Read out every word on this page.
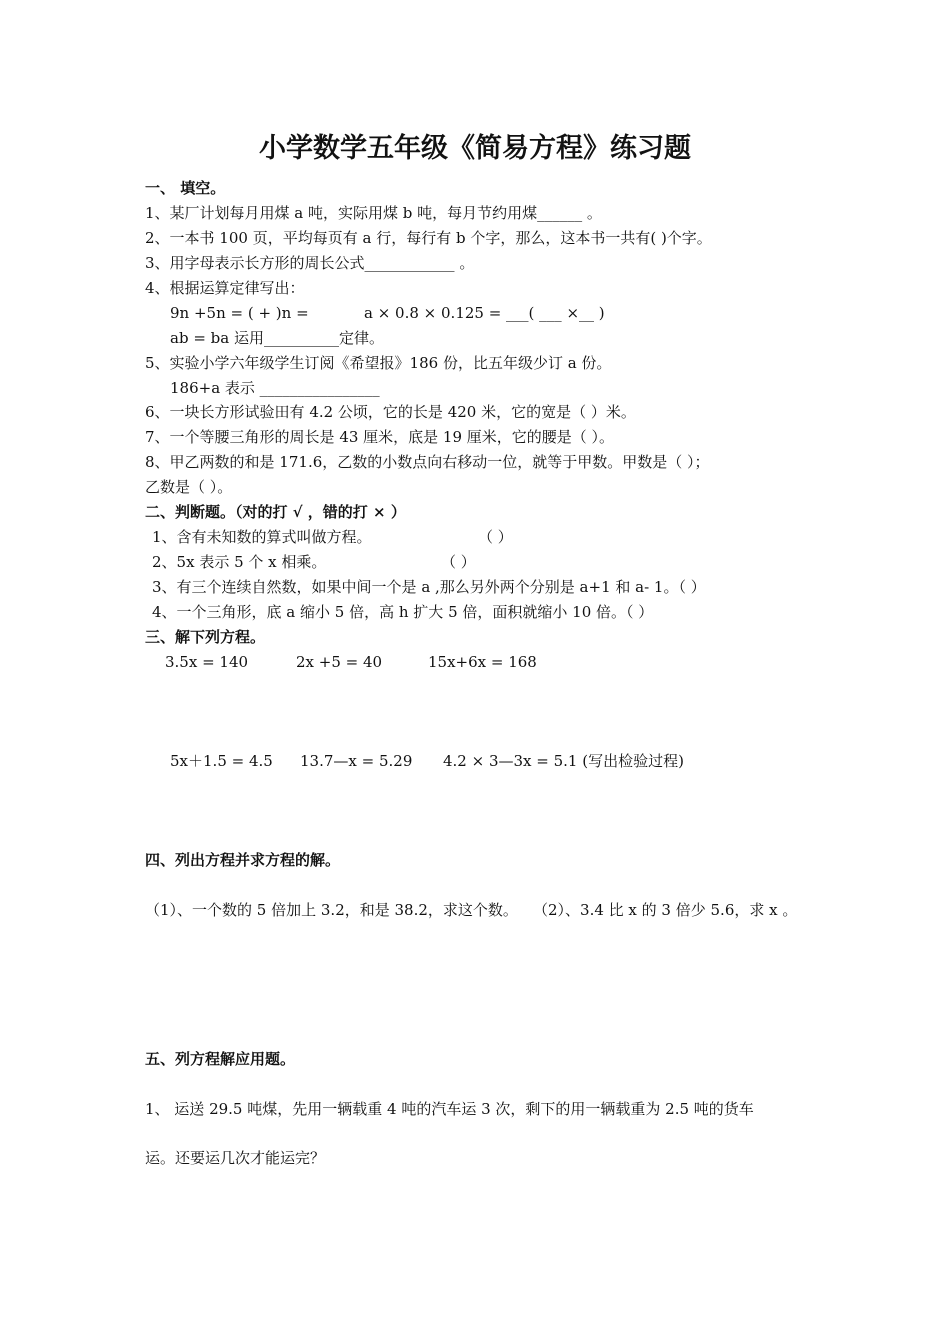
小学数学五年级《简易方程》练习题
一、 填空。
1、某厂计划每月用煤 a 吨，实际用煤 b 吨，每月节约用煤______ 。
2、一本书 100 页，平均每页有 a 行，每行有 b 个字，那么，这本书一共有( )个字。
3、用字母表示长方形的周长公式____________ 。
4、根据运算定律写出：
9n +5n = ( + )n =	a × 0.8 × 0.125 = ___( ___ ×__ )
ab = ba 运用__________定律。
5、实验小学六年级学生订阅《希望报》186 份，比五年级少订 a 份。
186+a 表示 ________________
6、一块长方形试验田有 4.2 公顷，它的长是 420 米，它的宽是（ ）米。
7、一个等腰三角形的周长是 43 厘米，底是 19 厘米，它的腰是（ ）。
8、甲乙两数的和是 171.6，乙数的小数点向右移动一位，就等于甲数。甲数是（ ）；
乙数是（ ）。
二、判断题。（对的打 √ ，错的打 × ）
1、含有未知数的算式叫做方程。	（ ）
2、5x 表示 5 个 x 相乘。	（ ）
3、有三个连续自然数，如果中间一个是 a ,那么另外两个分别是 a+1 和 a- 1。（ ）
4、一个三角形，底 a 缩小 5 倍，高 h 扩大 5 倍，面积就缩小 10 倍。（ ）
三、解下列方程。
3.5x = 140	2x +5 = 40	15x+6x = 168
5x＋1.5 = 4.5 13.7—x = 5.29 4.2 × 3—3x = 5.1 (写出检验过程)
四、列出方程并求方程的解。
（1）、一个数的 5 倍加上 3.2，和是 38.2，求这个数。 （2）、3.4 比 x 的 3 倍少 5.6，求 x 。
五、列方程解应用题。
1、 运送 29.5 吨煤，先用一辆载重 4 吨的汽车运 3 次，剩下的用一辆载重为 2.5 吨的货车
运。还要运几次才能运完？
